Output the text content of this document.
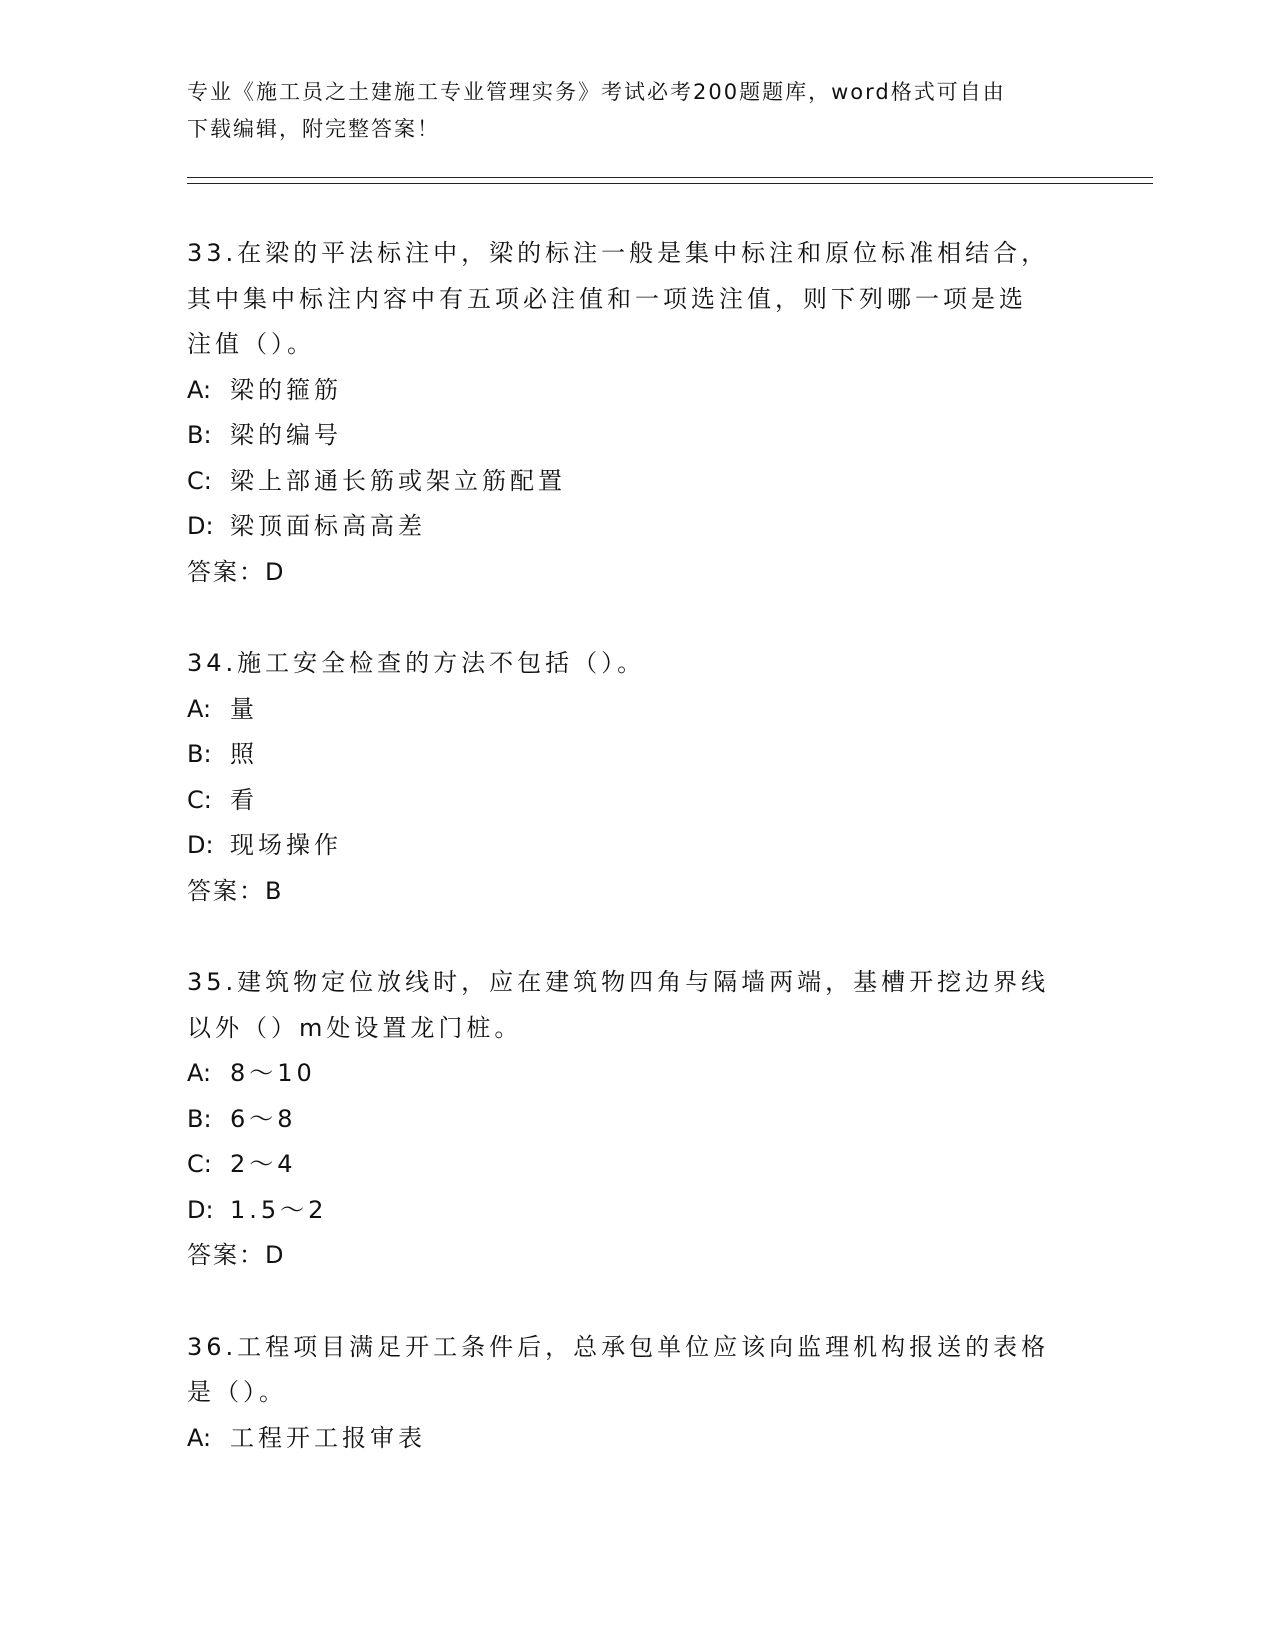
专业《施工员之土建施工专业管理实务》考试必考200题题库，word格式可自由
下载编辑，附完整答案！
33.在梁的平法标注中，梁的标注一般是集中标注和原位标准相结合，
其中集中标注内容中有五项必注值和一项选注值，则下列哪一项是选
注值（）。
A: 梁的箍筋
B: 梁的编号
C: 梁上部通长筋或架立筋配置
D: 梁顶面标高高差
答案：D
34.施工安全检查的方法不包括（）。
A: 量
B: 照
C: 看
D: 现场操作
答案：B
35.建筑物定位放线时，应在建筑物四角与隔墙两端，基槽开挖边界线
以外（）m处设置龙门桩。
A: 8～10
B: 6～8
C: 2～4
D: 1.5～2
答案：D
36.工程项目满足开工条件后，总承包单位应该向监理机构报送的表格
是（）。
A: 工程开工报审表
